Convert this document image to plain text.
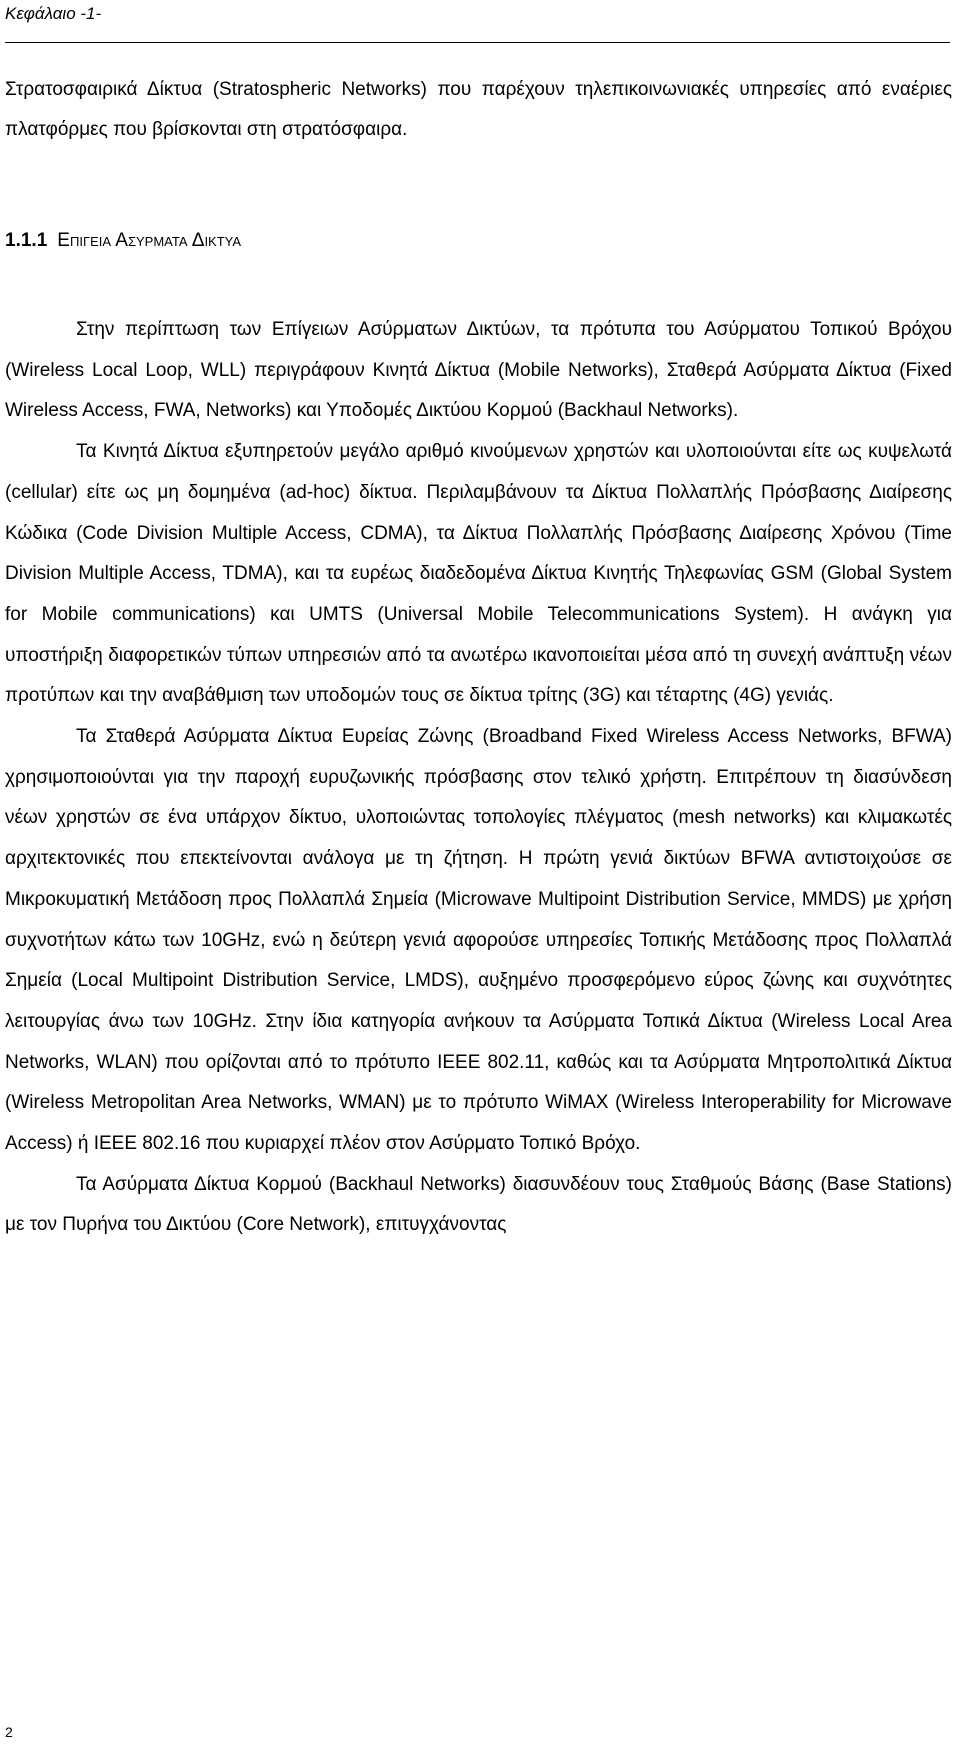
Κεφάλαιο -1-

Στρατοσφαιρικά Δίκτυα (Stratospheric Networks) που παρέχουν τηλεπικοινωνιακές υπηρεσίες από εναέριες πλατφόρμες που βρίσκονται στη στρατόσφαιρα.

1.1.1 Επιγεια Ασυρματα Δικτυα

Στην περίπτωση των Επίγειων Ασύρματων Δικτύων, τα πρότυπα του Ασύρματου Τοπικού Βρόχου (Wireless Local Loop, WLL) περιγράφουν Κινητά Δίκτυα (Mobile Networks), Σταθερά Ασύρματα Δίκτυα (Fixed Wireless Access, FWA, Networks) και Υποδομές Δικτύου Κορμού (Backhaul Networks).

Τα Κινητά Δίκτυα εξυπηρετούν μεγάλο αριθμό κινούμενων χρηστών και υλοποιούνται είτε ως κυψελωτά (cellular) είτε ως μη δομημένα (ad-hoc) δίκτυα. Περιλαμβάνουν τα Δίκτυα Πολλαπλής Πρόσβασης Διαίρεσης Κώδικα (Code Division Multiple Access, CDMA), τα Δίκτυα Πολλαπλής Πρόσβασης Διαίρεσης Χρόνου (Time Division Multiple Access, TDMA), και τα ευρέως διαδεδομένα Δίκτυα Κινητής Τηλεφωνίας GSM (Global System for Mobile communications) και UMTS (Universal Mobile Telecommunications System). Η ανάγκη για υποστήριξη διαφορετικών τύπων υπηρεσιών από τα ανωτέρω ικανοποιείται μέσα από τη συνεχή ανάπτυξη νέων προτύπων και την αναβάθμιση των υποδομών τους σε δίκτυα τρίτης (3G) και τέταρτης (4G) γενιάς.

Τα Σταθερά Ασύρματα Δίκτυα Ευρείας Ζώνης (Broadband Fixed Wireless Access Networks, BFWA) χρησιμοποιούνται για την παροχή ευρυζωνικής πρόσβασης στον τελικό χρήστη. Επιτρέπουν τη διασύνδεση νέων χρηστών σε ένα υπάρχον δίκτυο, υλοποιώντας τοπολογίες πλέγματος (mesh networks) και κλιμακωτές αρχιτεκτονικές που επεκτείνονται ανάλογα με τη ζήτηση. Η πρώτη γενιά δικτύων BFWA αντιστοιχούσε σε Μικροκυματική Μετάδοση προς Πολλαπλά Σημεία (Microwave Multipoint Distribution Service, MMDS) με χρήση συχνοτήτων κάτω των 10GHz, ενώ η δεύτερη γενιά αφορούσε υπηρεσίες Τοπικής Μετάδοσης προς Πολλαπλά Σημεία (Local Multipoint Distribution Service, LMDS), αυξημένο προσφερόμενο εύρος ζώνης και συχνότητες λειτουργίας άνω των 10GHz. Στην ίδια κατηγορία ανήκουν τα Ασύρματα Τοπικά Δίκτυα (Wireless Local Area Networks, WLAN) που ορίζονται από το πρότυπο IEEE 802.11, καθώς και τα Ασύρματα Μητροπολιτικά Δίκτυα (Wireless Metropolitan Area Networks, WMAN) με το πρότυπο WiMAX (Wireless Interoperability for Microwave Access) ή IEEE 802.16 που κυριαρχεί πλέον στον Ασύρματο Τοπικό Βρόχο.

Τα Ασύρματα Δίκτυα Κορμού (Backhaul Networks) διασυνδέουν τους Σταθμούς Βάσης (Base Stations) με τον Πυρήνα του Δικτύου (Core Network), επιτυγχάνοντας

2
